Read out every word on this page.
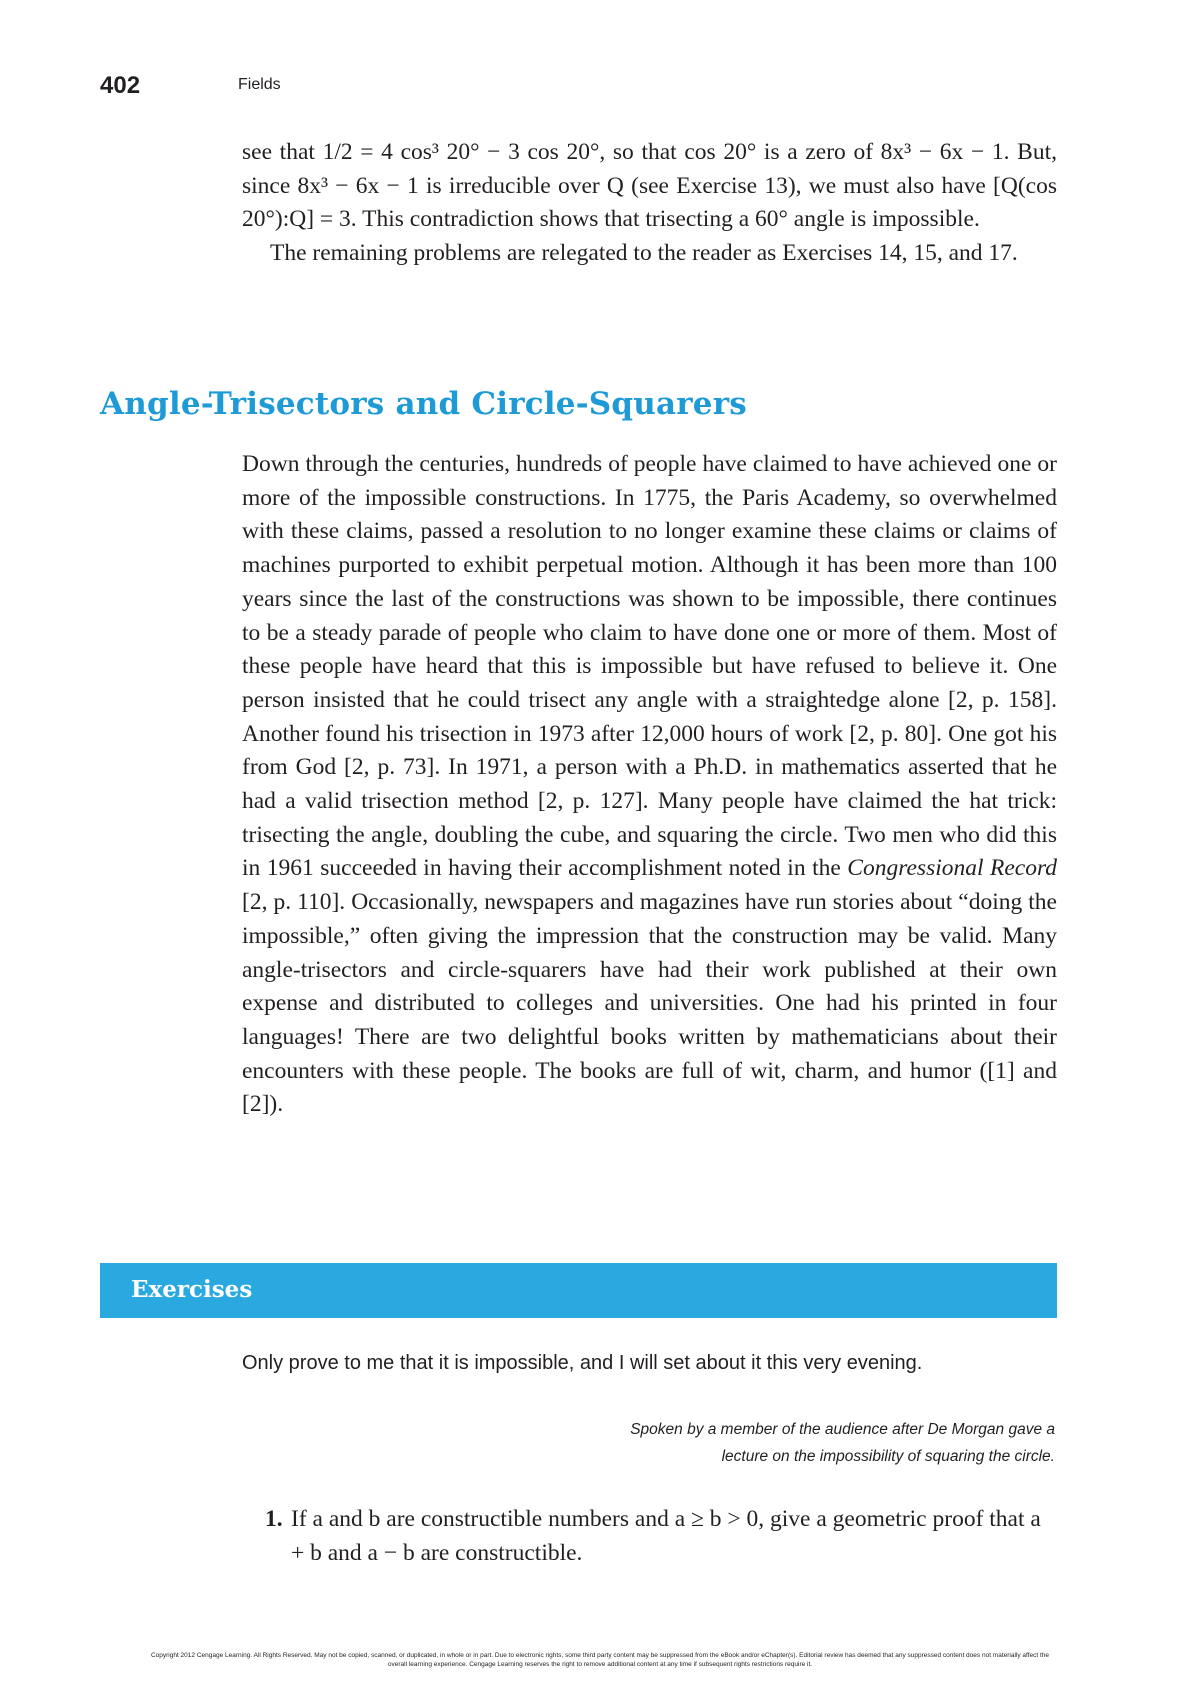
402	Fields

see that 1/2 = 4 cos³ 20° − 3 cos 20°, so that cos 20° is a zero of 8x³ − 6x − 1. But, since 8x³ − 6x − 1 is irreducible over Q (see Exercise 13), we must also have [Q(cos 20°):Q] = 3. This contradiction shows that trisecting a 60° angle is impossible.

The remaining problems are relegated to the reader as Exercises 14, 15, and 17.

Angle-Trisectors and Circle-Squarers

Down through the centuries, hundreds of people have claimed to have achieved one or more of the impossible constructions. In 1775, the Paris Academy, so overwhelmed with these claims, passed a resolution to no longer examine these claims or claims of machines purported to exhibit perpetual motion. Although it has been more than 100 years since the last of the constructions was shown to be impossible, there continues to be a steady parade of people who claim to have done one or more of them. Most of these people have heard that this is impossible but have refused to believe it. One person insisted that he could trisect any angle with a straightedge alone [2, p. 158]. Another found his trisection in 1973 after 12,000 hours of work [2, p. 80]. One got his from God [2, p. 73]. In 1971, a person with a Ph.D. in mathematics asserted that he had a valid trisection method [2, p. 127]. Many people have claimed the hat trick: trisecting the angle, doubling the cube, and squaring the circle. Two men who did this in 1961 succeeded in having their accomplishment noted in the Congressional Record [2, p. 110]. Occasionally, newspapers and magazines have run stories about “doing the impossible,” often giving the impression that the construction may be valid. Many angle-trisectors and circle-squarers have had their work published at their own expense and distributed to colleges and universities. One had his printed in four languages! There are two delightful books written by mathematicians about their encounters with these people. The books are full of wit, charm, and humor ([1] and [2]).

Exercises
Only prove to me that it is impossible, and I will set about it this very evening.
Spoken by a member of the audience after De Morgan gave a
lecture on the impossibility of squaring the circle.
1. If a and b are constructible numbers and a ≥ b > 0, give a geometric proof that a + b and a − b are constructible.
Copyright 2012 Cengage Learning. All Rights Reserved. May not be copied, scanned, or duplicated, in whole or in part. Due to electronic rights, some third party content may be suppressed from the eBook and/or eChapter(s). Editorial review has deemed that any suppressed content does not materially affect the overall learning experience. Cengage Learning reserves the right to remove additional content at any time if subsequent rights restrictions require it.
